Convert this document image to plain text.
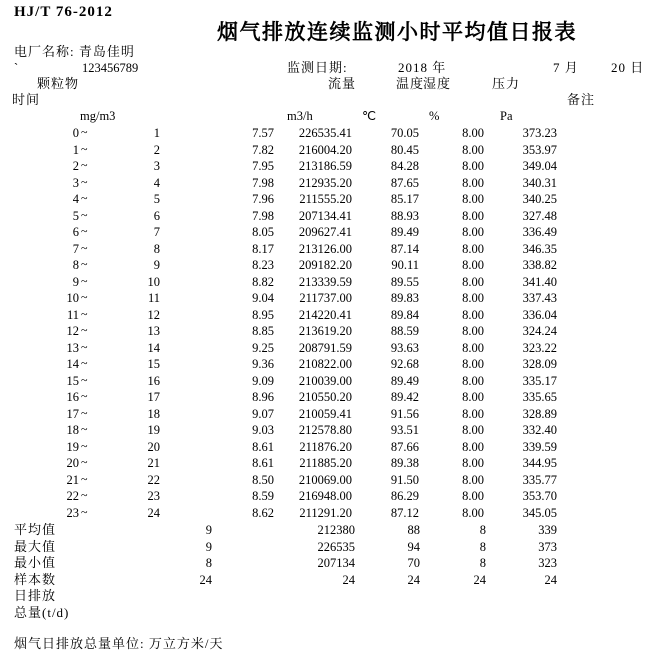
HJ/T 76-2012
烟气排放连续监测小时平均值日报表
电厂名称: 青岛佳明
`	123456789	监测日期:	2018 年	7 月 20 日
颗粒物	流量	温度
湿度	压力
时间	备注
mg/m3	m3/h	℃	%	Pa
0 ~	1	7.57	226535.41	70.05	8.00	373.23
1 ~	2	7.82	216004.20	80.45	8.00	353.97
2 ~	3	7.95	213186.59	84.28	8.00	349.04
3 ~	4	7.98	212935.20	87.65	8.00	340.31
4 ~	5	7.96	211555.20	85.17	8.00	340.25
5 ~	6	7.98	207134.41	88.93	8.00	327.48
6 ~	7	8.05	209627.41	89.49	8.00	336.49
7 ~	8	8.17	213126.00	87.14	8.00	346.35
8 ~	9	8.23	209182.20	90.11	8.00	338.82
9 ~	10	8.82	213339.59	89.55	8.00	341.40
10 ~	11	9.04	211737.00	89.83	8.00	337.43
11 ~	12	8.95	214220.41	89.84	8.00	336.04
12 ~	13	8.85	213619.20	88.59	8.00	324.24
13 ~	14	9.25	208791.59	93.63	8.00	323.22
14 ~	15	9.36	210822.00	92.68	8.00	328.09
15 ~	16	9.09	210039.00	89.49	8.00	335.17
16 ~	17	8.96	210550.20	89.42	8.00	335.65
17 ~	18	9.07	210059.41	91.56	8.00	328.89
18 ~	19	9.03	212578.80	93.51	8.00	332.40
19 ~	20	8.61	211876.20	87.66	8.00	339.59
20 ~	21	8.61	211885.20	89.38	8.00	344.95
21 ~	22	8.50	210069.00	91.50	8.00	335.77
22 ~	23	8.59	216948.00	86.29	8.00	353.70
23 ~	24	8.62	211291.20	87.12	8.00	345.05
平均值	9	212380	88	8	339
最大值	9	226535	94	8	373
最小值	8	207134	70	8	323
样本数	24	24	24	24	24
日排放
总量(t/d)
烟气日排放总量单位: 万立方米/天
